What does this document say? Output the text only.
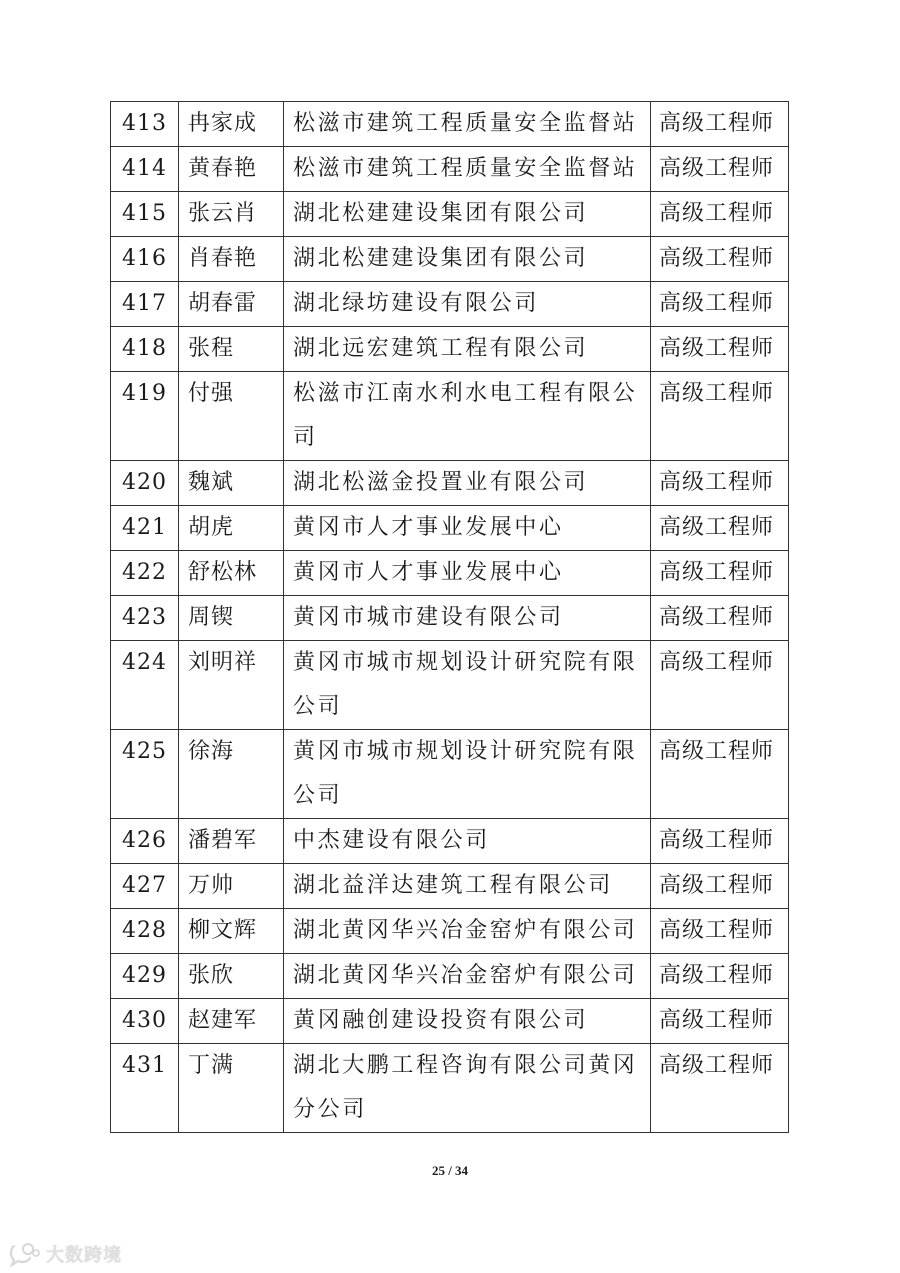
413	冉家成	松滋市建筑工程质量安全监督站	高级工程师
414	黄春艳	松滋市建筑工程质量安全监督站	高级工程师
415	张云肖	湖北松建建设集团有限公司	高级工程师
416	肖春艳	湖北松建建设集团有限公司	高级工程师
417	胡春雷	湖北绿坊建设有限公司	高级工程师
418	张程	湖北远宏建筑工程有限公司	高级工程师
419	付强	松滋市江南水利水电工程有限公司	高级工程师
420	魏斌	湖北松滋金投置业有限公司	高级工程师
421	胡虎	黄冈市人才事业发展中心	高级工程师
422	舒松林	黄冈市人才事业发展中心	高级工程师
423	周锲	黄冈市城市建设有限公司	高级工程师
424	刘明祥	黄冈市城市规划设计研究院有限公司	高级工程师
425	徐海	黄冈市城市规划设计研究院有限公司	高级工程师
426	潘碧军	中杰建设有限公司	高级工程师
427	万帅	湖北益洋达建筑工程有限公司	高级工程师
428	柳文辉	湖北黄冈华兴冶金窑炉有限公司	高级工程师
429	张欣	湖北黄冈华兴冶金窑炉有限公司	高级工程师
430	赵建军	黄冈融创建设投资有限公司	高级工程师
431	丁满	湖北大鹏工程咨询有限公司黄冈分公司	高级工程师
25 / 34
大数跨境
